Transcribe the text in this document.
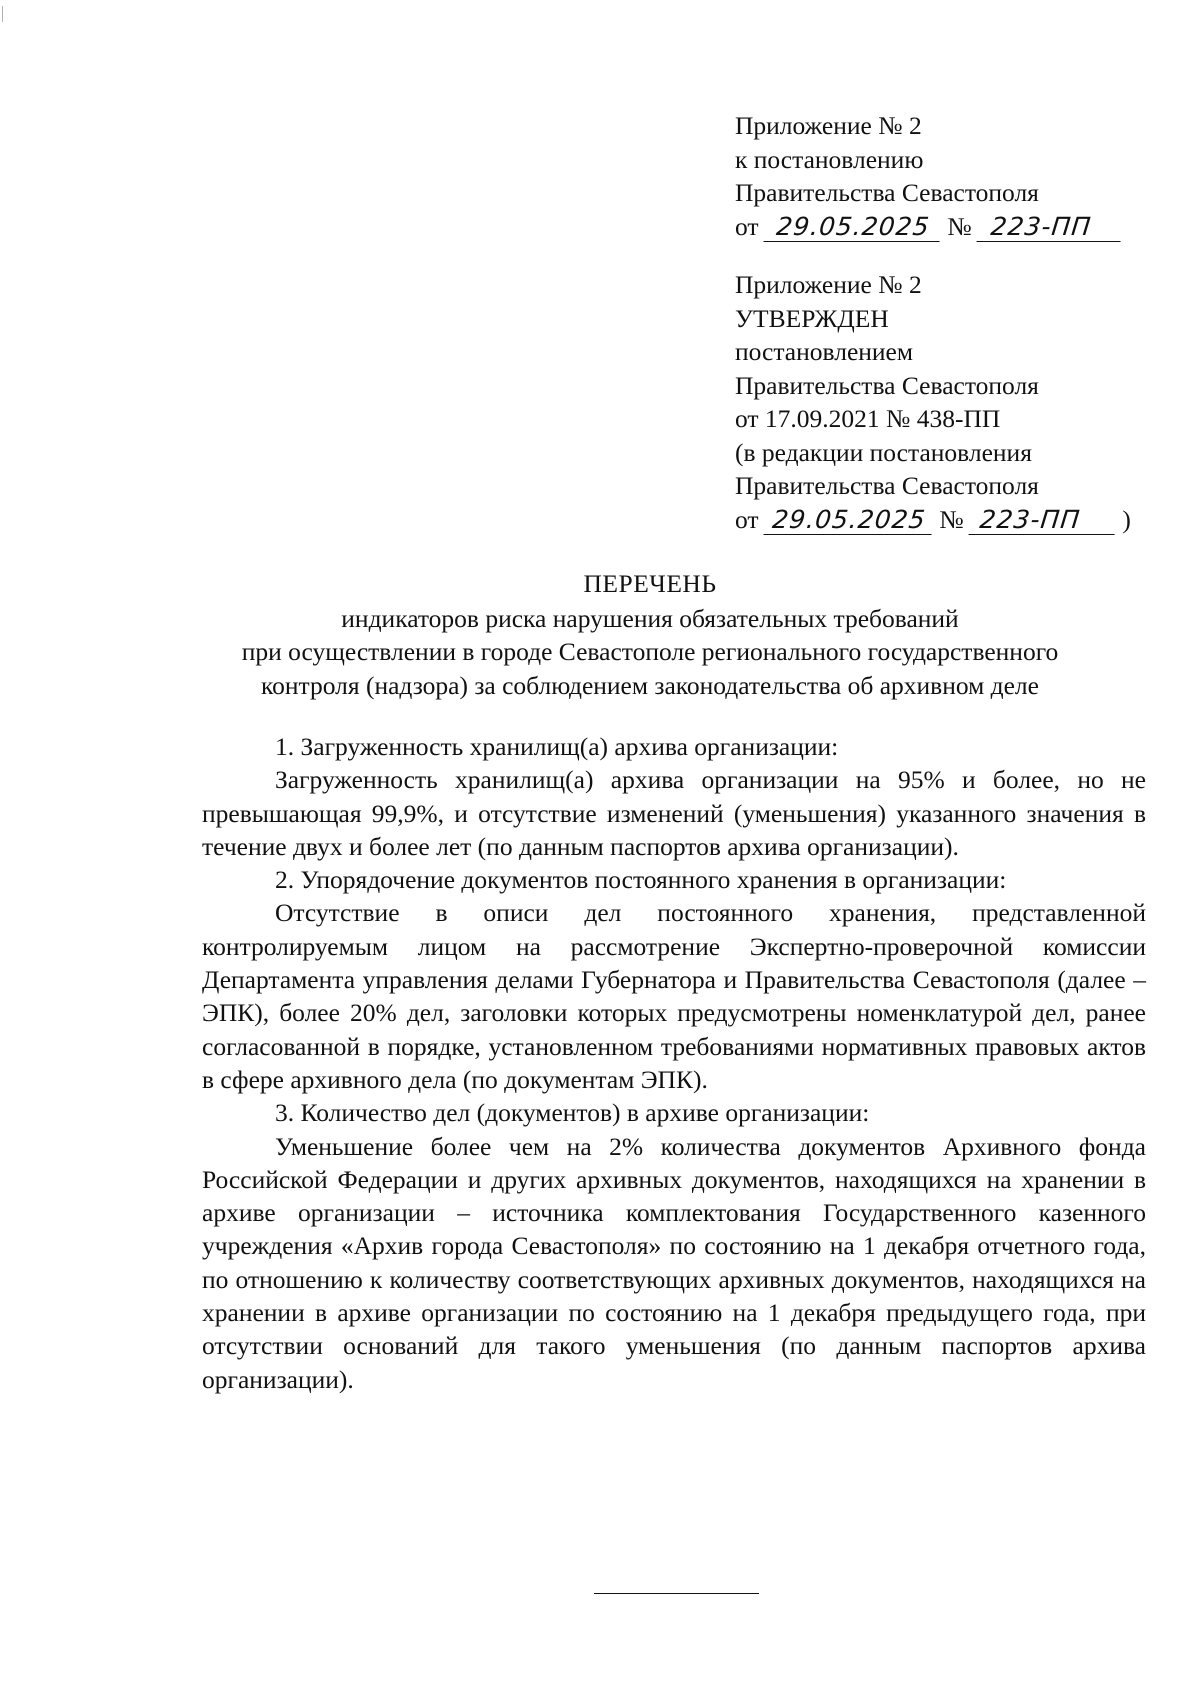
Приложение № 2
к постановлению
Правительства Севастополя
от 29.05.2025 № 223-ПП
Приложение № 2
УТВЕРЖДЕН
постановлением
Правительства Севастополя
от 17.09.2021 № 438-ПП
(в редакции постановления
Правительства Севастополя
от 29.05.2025 № 223-ПП )
ПЕРЕЧЕНЬ
индикаторов риска нарушения обязательных требований
при осуществлении в городе Севастополе регионального государственного
контроля (надзора) за соблюдением законодательства об архивном деле

1. Загруженность хранилищ(а) архива организации:

Загруженность хранилищ(а) архива организации на 95% и более, но не превышающая 99,9%, и отсутствие изменений (уменьшения) указанного значения в течение двух и более лет (по данным паспортов архива организации).

2. Упорядочение документов постоянного хранения в организации:

Отсутствие в описи дел постоянного хранения, представленной контролируемым лицом на рассмотрение Экспертно-проверочной комиссии Департамента управления делами Губернатора и Правительства Севастополя (далее – ЭПК), более 20% дел, заголовки которых предусмотрены номенклатурой дел, ранее согласованной в порядке, установленном требованиями нормативных правовых актов в сфере архивного дела (по документам ЭПК).

3. Количество дел (документов) в архиве организации:

Уменьшение более чем на 2% количества документов Архивного фонда Российской Федерации и других архивных документов, находящихся на хранении в архиве организации – источника комплектования Государственного казенного учреждения «Архив города Севастополя» по состоянию на 1 декабря отчетного года, по отношению к количеству соответствующих архивных документов, находящихся на хранении в архиве организации по состоянию на 1 декабря предыдущего года, при отсутствии оснований для такого уменьшения (по данным паспортов архива организации).
